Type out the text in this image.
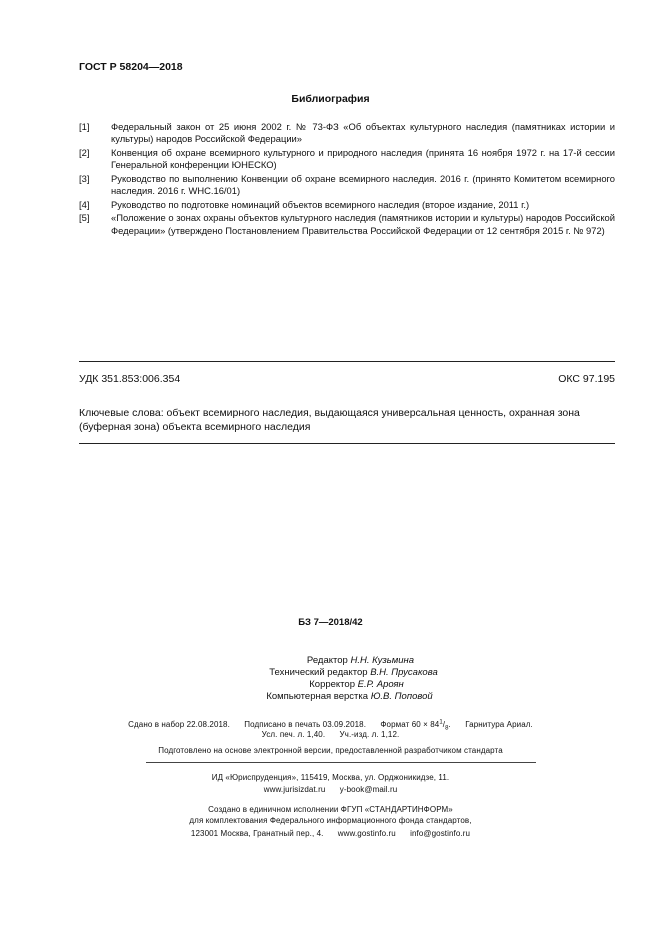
ГОСТ Р 58204—2018
Библиография
[1]	Федеральный закон от 25 июня 2002 г. № 73-ФЗ «Об объектах культурного наследия (памятниках истории и культуры) народов Российской Федерации»
[2]	Конвенция об охране всемирного культурного и природного наследия (принята 16 ноября 1972 г. на 17-й сессии Генеральной конференции ЮНЕСКО)
[3]	Руководство по выполнению Конвенции об охране всемирного наследия. 2016 г. (принято Комитетом всемирного наследия. 2016 г. WHC.16/01)
[4]	Руководство по подготовке номинаций объектов всемирного наследия (второе издание, 2011 г.)
[5]	«Положение о зонах охраны объектов культурного наследия (памятников истории и культуры) народов Российской Федерации» (утверждено Постановлением Правительства Российской Федерации от 12 сентября 2015 г. № 972)
УДК 351.853:006.354	ОКС 97.195
Ключевые слова: объект всемирного наследия, выдающаяся универсальная ценность, охранная зона (буферная зона) объекта всемирного наследия
БЗ 7—2018/42
Редактор Н.Н. Кузьмина
Технический редактор В.Н. Прусакова
Корректор Е.Р. Ароян
Компьютерная верстка Ю.В. Поповой
Сдано в набор 22.08.2018. Подписано в печать 03.09.2018. Формат $60 \times 84^1/_8$. Гарнитура Ариал.
Усл. печ. л. 1,40. Уч.-изд. л. 1,12.
Подготовлено на основе электронной версии, предоставленной разработчиком стандарта
ИД «Юриспруденция», 115419, Москва, ул. Орджоникидзе, 11.
www.jurisizdat.ru y-book@mail.ru
Создано в единичном исполнении ФГУП «СТАНДАРТИНФОРМ»
для комплектования Федерального информационного фонда стандартов,
123001 Москва, Гранатный пер., 4. www.gostinfo.ru info@gostinfo.ru
